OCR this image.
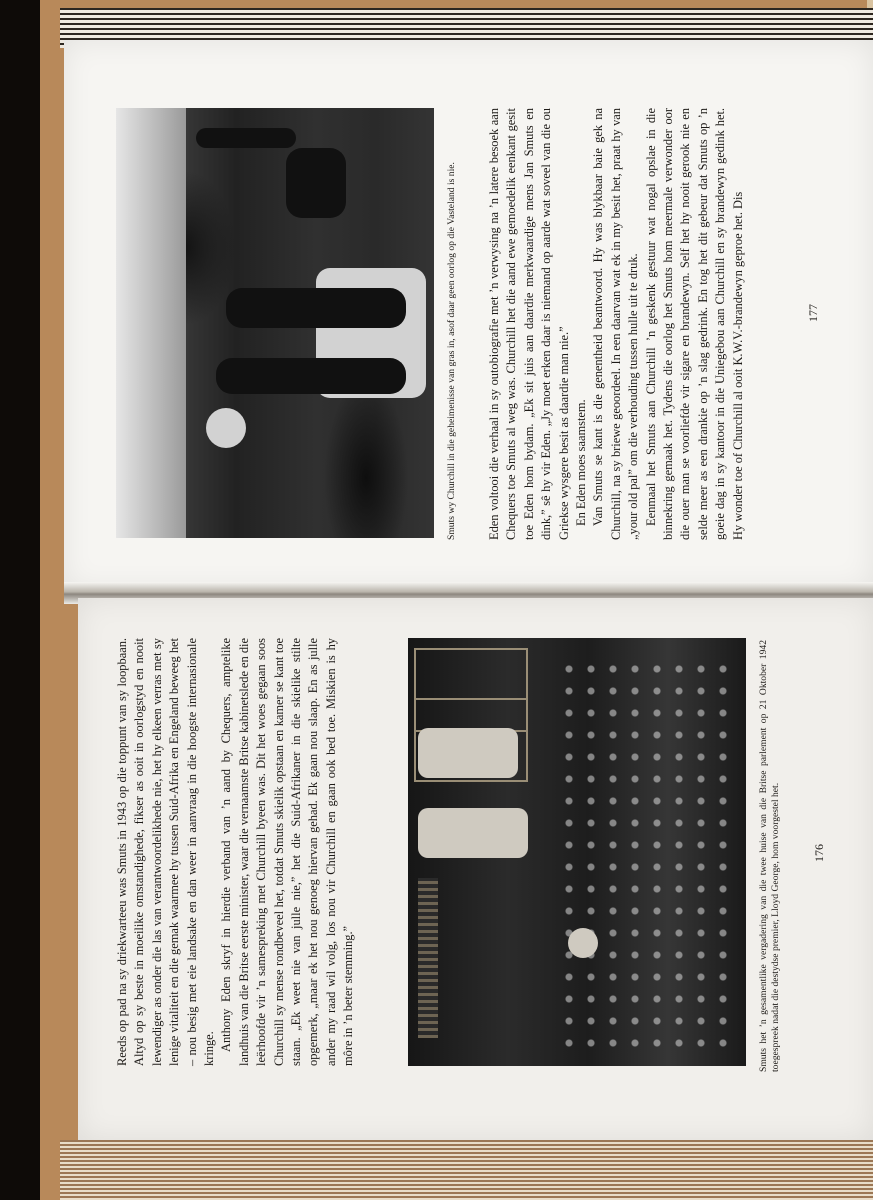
Smuts wy Churchill in die geheimenisse van gras in, asof daar geen oorlog op die Vasteland is nie. Eden voltooi die verhaal in sy outobiografie met ’n verwysing na ’n latere besoek aan Chequers toe Smuts al weg was. Churchill het die aand ewe gemoedelik eenkant gesit toe Eden hom bydam. „Ek sit juis aan daardie merkwaardige mens Jan Smuts en dink,” sê hy vir Eden. „Jy moet erken daar is niemand op aarde wat soveel van die ou Griekse wysgere besit as daardie man nie.” En Eden moes saamstem. Van Smuts se kant is die genentheid beantwoord. Hy was blykbaar baie gek na Churchill, na sy briewe geoordeel. In een daarvan wat ek in my besit het, praat hy van „your old pal” om die verhouding tussen hulle uit te druk. Eenmaal het Smuts aan Churchill ’n geskenk gestuur wat nogal opslae in die binnekring gemaak het. Tydens die oorlog het Smuts hom meermale verwonder oor die ouer man se voorliefde vir sigare en brandewyn. Self het hy nooit gerook nie en selde meer as een drankie op ’n slag gedrink. En tog het dit gebeur dat Smuts op ’n goeie dag in sy kantoor in die Uniegebou aan Churchill en sy brandewyn gedink het. Hy wonder toe of Churchill al ooit K.W.V.-brandewyn geproe het. Dis	177

Reeds op pad na sy driekwarteeu was Smuts in 1943 op die toppunt van sy loopbaan. Altyd op sy beste in moeilike omstandighede, fikser as ooit in oorlogstyd en nooit lewendiger as onder die las van verantwoordelikhede nie, het hy elkeen verras met sy lenige vitaliteit en die gemak waarmee hy tussen Suid-Afrika en Engeland beweeg het – nou besig met eie landsake en dan weer in aanvraag in die hoogste internasionale kringe. Anthony Eden skryf in hierdie verband van ’n aand by Chequers, amptelike landhuis van die Britse eerste minister, waar die vernaamste Britse kabinetslede en die leërhoofde vir ’n samespreking met Churchill byeen was. Dit het woes gegaan soos Churchill sy mense rondbeveel het, totdat Smuts skielik opstaan en kamer se kant toe staan. „Ek weet nie van julle nie,” het die Suid-Afrikaner in die skielike stilte opgemerk, „maar ek het nou genoeg hiervan gehad. Ek gaan nou slaap. En as julle ander my raad wil volg, los nou vir Churchill en gaan ook bed toe. Miskien is hy môre in ’n beter stemming.”	Smuts het ’n gesamentlike vergadering van die twee huise van die Britse parlement op 21 Oktober 1942 toegespreek nadat die destydse premier, Lloyd George, hom voorgestel het.	176
